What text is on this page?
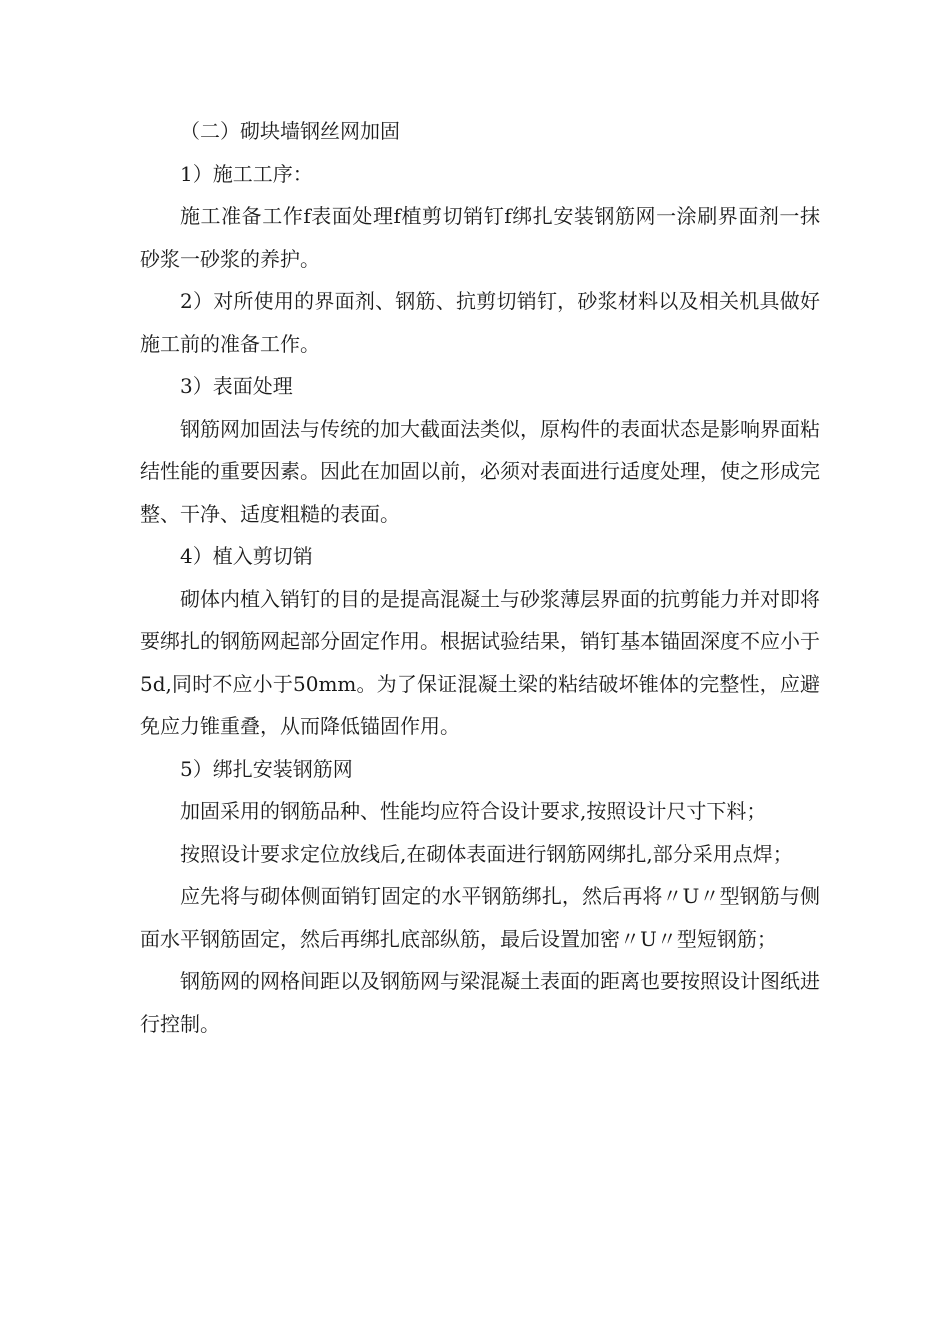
（二）砌块墙钢丝网加固

1）施工工序：

施工准备工作f表面处理f植剪切销钉f绑扎安装钢筋网一涂刷界面剂一抹砂浆一砂浆的养护。

2）对所使用的界面剂、钢筋、抗剪切销钉，砂浆材料以及相关机具做好施工前的准备工作。

3）表面处理

钢筋网加固法与传统的加大截面法类似，原构件的表面状态是影响界面粘结性能的重要因素。因此在加固以前，必须对表面进行适度处理，使之形成完整、干净、适度粗糙的表面。

4）植入剪切销

砌体内植入销钉的目的是提高混凝土与砂浆薄层界面的抗剪能力并对即将要绑扎的钢筋网起部分固定作用。根据试验结果，销钉基本锚固深度不应小于5d,同时不应小于50mm。为了保证混凝土梁的粘结破坏锥体的完整性，应避免应力锥重叠，从而降低锚固作用。

5）绑扎安装钢筋网

加固采用的钢筋品种、性能均应符合设计要求,按照设计尺寸下料；

按照设计要求定位放线后,在砌体表面进行钢筋网绑扎,部分采用点焊；

应先将与砌体侧面销钉固定的水平钢筋绑扎，然后再将〃U〃型钢筋与侧面水平钢筋固定，然后再绑扎底部纵筋，最后设置加密〃U〃型短钢筋；

钢筋网的网格间距以及钢筋网与梁混凝土表面的距离也要按照设计图纸进行控制。
